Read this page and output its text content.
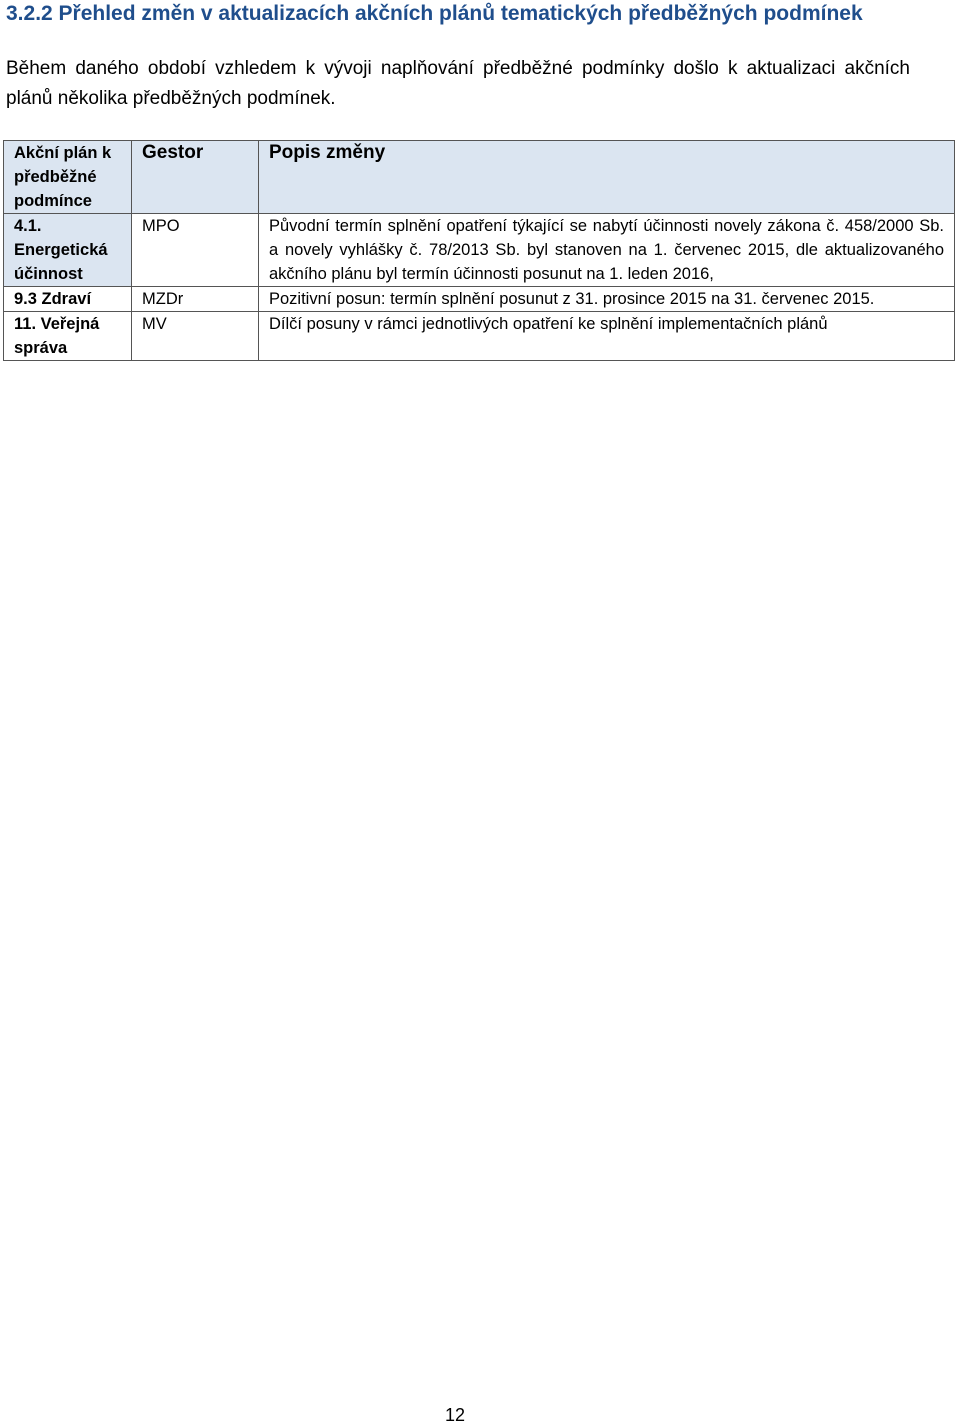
3.2.2 Přehled změn v aktualizacích akčních plánů tematických předběžných podmínek

Během daného období vzhledem k vývoji naplňování předběžné podmínky došlo k aktualizaci akčních plánů několika předběžných podmínek.

Akční plán k předběžné podmínce	Gestor	Popis změny
4.1. Energetická účinnost	MPO	Původní termín splnění opatření týkající se nabytí účinnosti novely zákona č. 458/2000 Sb. a novely vyhlášky č. 78/2013 Sb. byl stanoven na 1. červenec 2015, dle aktualizovaného akčního plánu byl termín účinnosti posunut na 1. leden 2016,
9.3 Zdraví	MZDr	Pozitivní posun: termín splnění posunut z 31. prosince 2015 na 31. červenec 2015.
11. Veřejná správa	MV	Dílčí posuny v rámci jednotlivých opatření ke splnění implementačních plánů
12
